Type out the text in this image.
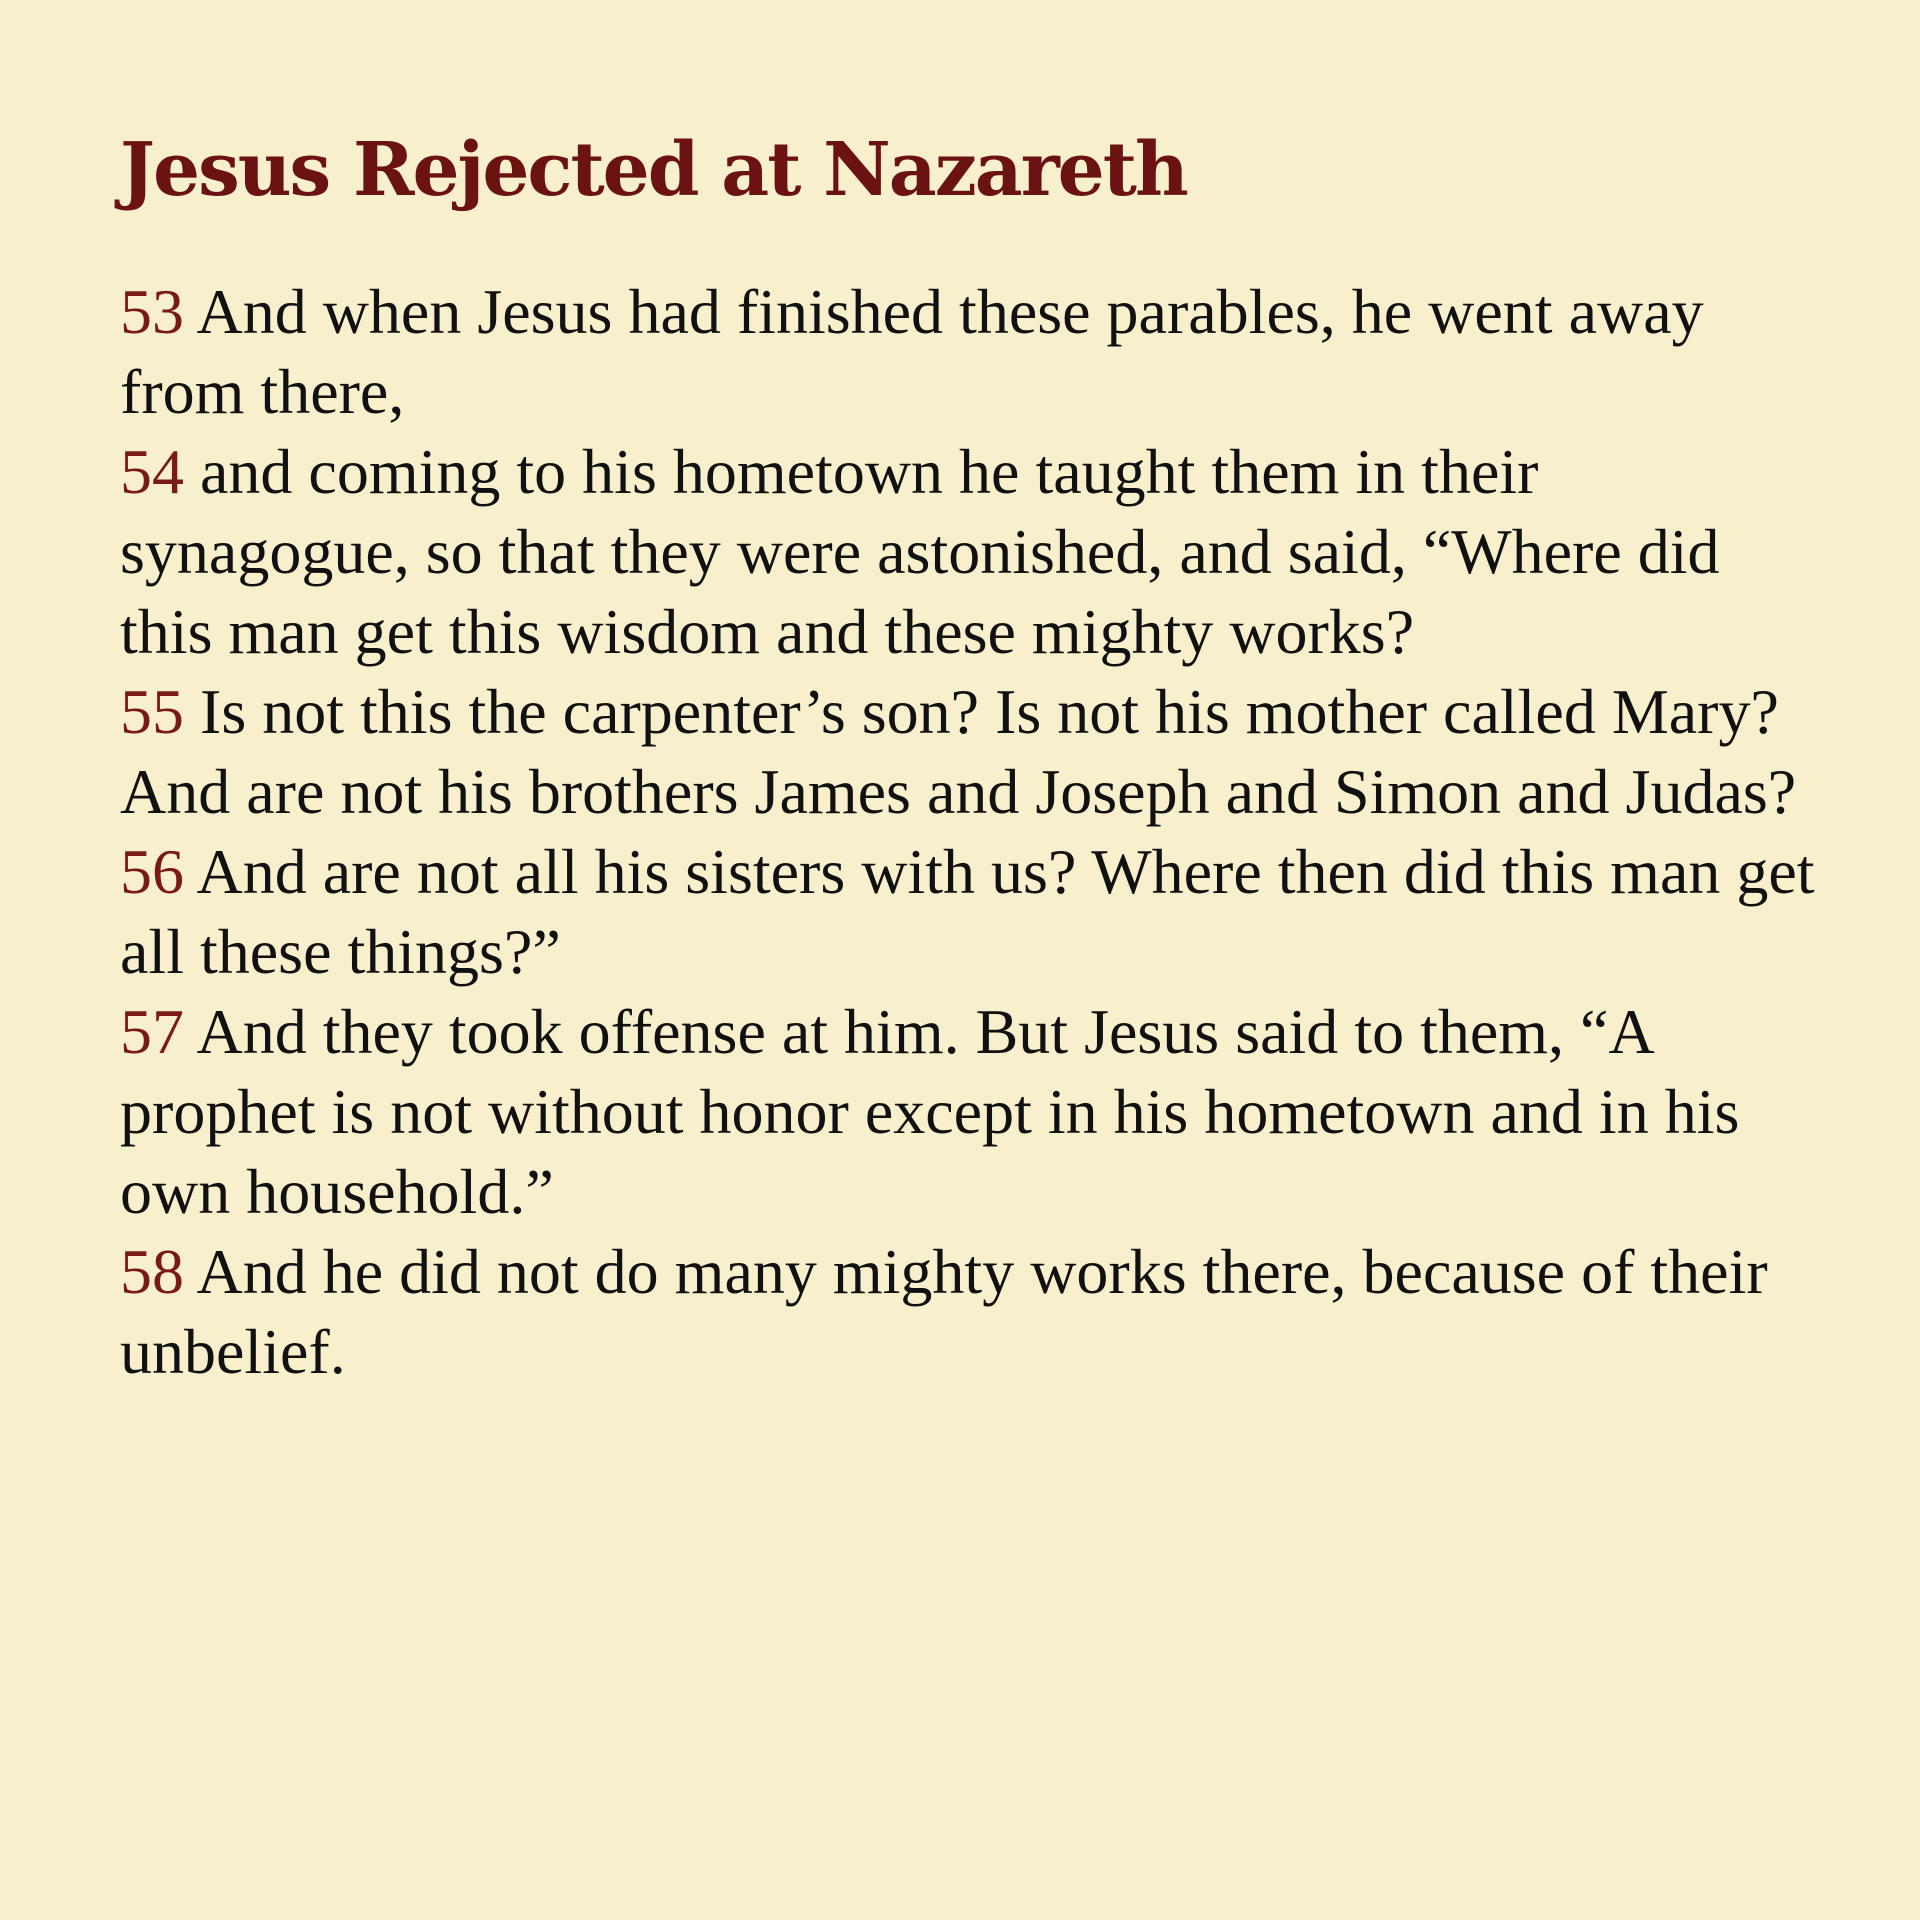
Jesus Rejected at Nazareth

53 And when Jesus had finished these parables, he went away from there,

54 and coming to his hometown he taught them in their synagogue, so that they were astonished, and said, “Where did this man get this wisdom and these mighty works?

55 Is not this the carpenter’s son? Is not his mother called Mary? And are not his brothers James and Joseph and Simon and Judas?

56 And are not all his sisters with us? Where then did this man get all these things?”

57 And they took offense at him. But Jesus said to them, “A prophet is not without honor except in his hometown and in his own household.”

58 And he did not do many mighty works there, because of their unbelief.
